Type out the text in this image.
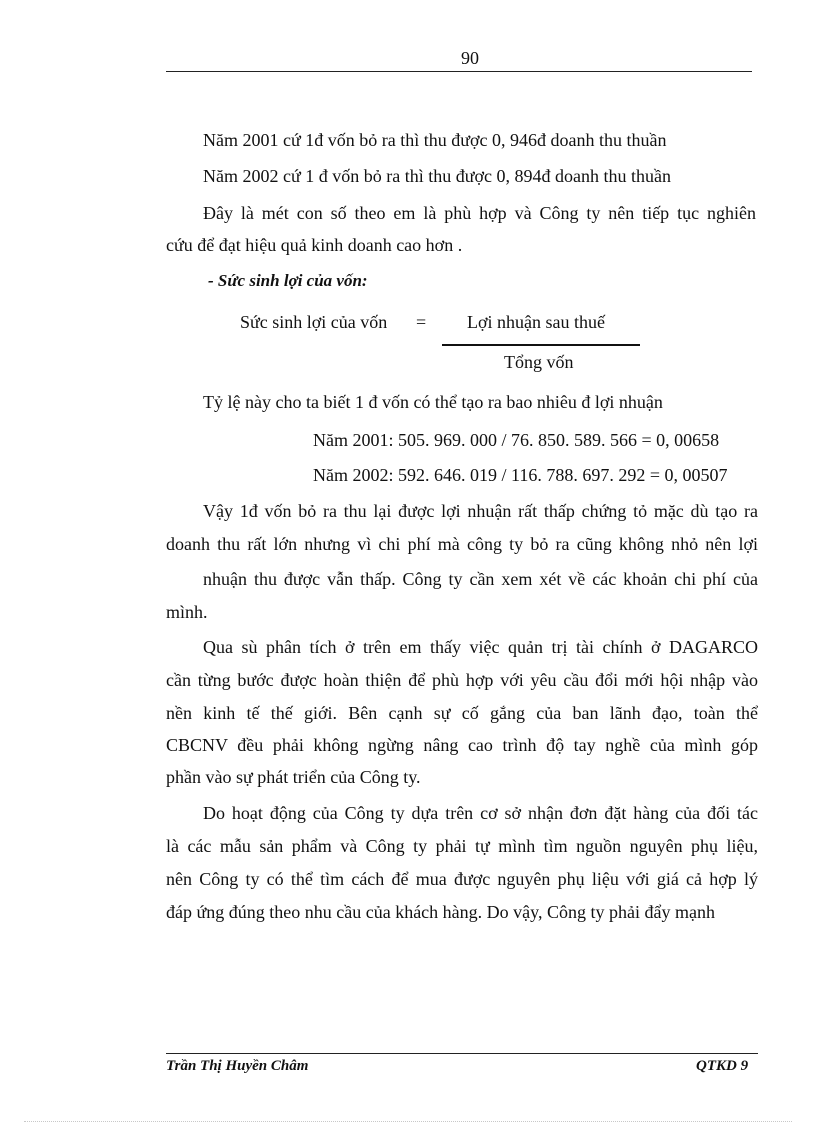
90
Năm 2001 cứ 1đ vốn bỏ ra thì thu được 0, 946đ doanh thu thuần
Năm 2002 cứ 1 đ vốn bỏ ra thì thu được 0, 894đ doanh thu thuần
Đây là mét con số theo em là phù hợp và Công ty nên tiếp tục nghiên
cứu để đạt hiệu quả kinh doanh cao hơn .
- Sức sinh lợi của vốn:
Sức sinh lợi của vốn = Lợi nhuận sau thuế
Tổng vốn
Tỷ lệ này cho ta biết 1 đ vốn có thể tạo ra bao nhiêu đ lợi nhuận
Năm 2001: 505. 969. 000 / 76. 850. 589. 566 = 0, 00658
Năm 2002: 592. 646. 019 / 116. 788. 697. 292 = 0, 00507
Vậy 1đ vốn bỏ ra thu lại được lợi nhuận rất thấp chứng tỏ mặc dù tạo ra
doanh thu rất lớn nhưng vì chi phí mà công ty bỏ ra cũng không nhỏ nên lợi
nhuận thu được vẫn thấp. Công ty cần xem xét về các khoản chi phí của
mình.
Qua sù phân tích ở trên em thấy việc quản trị tài chính ở DAGARCO
cần từng bước được hoàn thiện để phù hợp với yêu cầu đổi mới hội nhập vào
nền kinh tế thế giới. Bên cạnh sự cố gắng của ban lãnh đạo, toàn thể
CBCNV đều phải không ngừng nâng cao trình độ tay nghề của mình góp
phần vào sự phát triển của Công ty.
Do hoạt động của Công ty dựa trên cơ sở nhận đơn đặt hàng của đối tác
là các mẫu sản phẩm và Công ty phải tự mình tìm nguồn nguyên phụ liệu,
nên Công ty có thể tìm cách để mua được nguyên phụ liệu với giá cả hợp lý
đáp ứng đúng theo nhu cầu của khách hàng. Do vậy, Công ty phải đẩy mạnh
Trần Thị Huyền Châm	QTKD 9
